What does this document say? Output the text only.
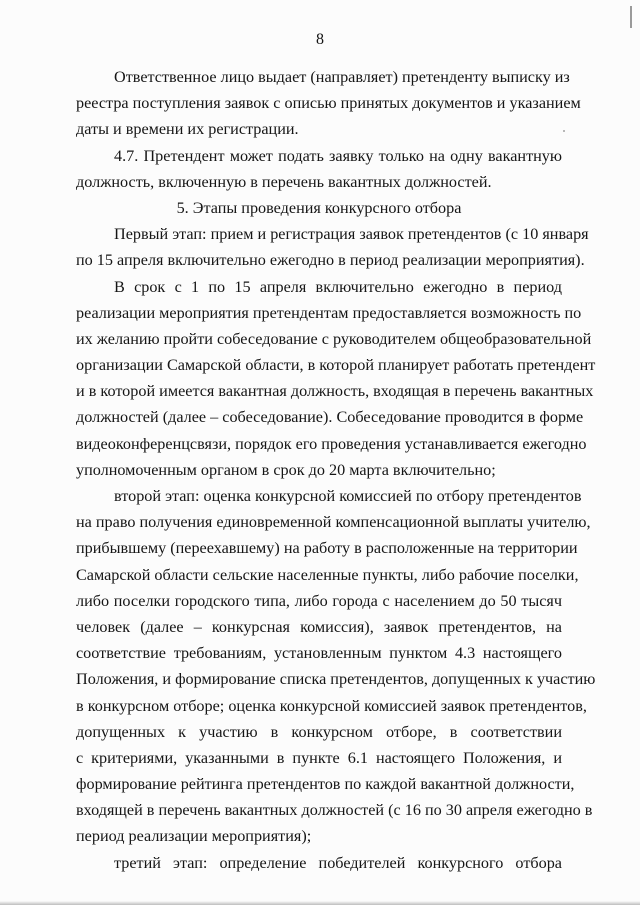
8
Ответственное лицо выдает (направляет) претенденту выписку из
реестра поступления заявок с описью принятых документов и указанием
даты и времени их регистрации.
4.7. Претендент может подать заявку только на одну вакантную
должность, включенную в перечень вакантных должностей.
5. Этапы проведения конкурсного отбора
Первый этап: прием и регистрация заявок претендентов (с 10 января
по 15 апреля включительно ежегодно в период реализации мероприятия).
В срок с 1 по 15 апреля включительно ежегодно в период
реализации мероприятия претендентам предоставляется возможность по
их желанию пройти собеседование с руководителем общеобразовательной
организации Самарской области, в которой планирует работать претендент
и в которой имеется вакантная должность, входящая в перечень вакантных
должностей (далее – собеседование). Собеседование проводится в форме
видеоконференцсвязи, порядок его проведения устанавливается ежегодно
уполномоченным органом в срок до 20 марта включительно;
второй этап: оценка конкурсной комиссией по отбору претендентов
на право получения единовременной компенсационной выплаты учителю,
прибывшему (переехавшему) на работу в расположенные на территории
Самарской области сельские населенные пункты, либо рабочие поселки,
либо поселки городского типа, либо города с населением до 50 тысяч
человек (далее – конкурсная комиссия), заявок претендентов, на
соответствие требованиям, установленным пунктом 4.3 настоящего
Положения, и формирование списка претендентов, допущенных к участию
в конкурсном отборе; оценка конкурсной комиссией заявок претендентов,
допущенных к участию в конкурсном отборе, в соответствии
с критериями, указанными в пункте 6.1 настоящего Положения, и
формирование рейтинга претендентов по каждой вакантной должности,
входящей в перечень вакантных должностей (с 16 по 30 апреля ежегодно в
период реализации мероприятия);
третий этап: определение победителей конкурсного отбора
